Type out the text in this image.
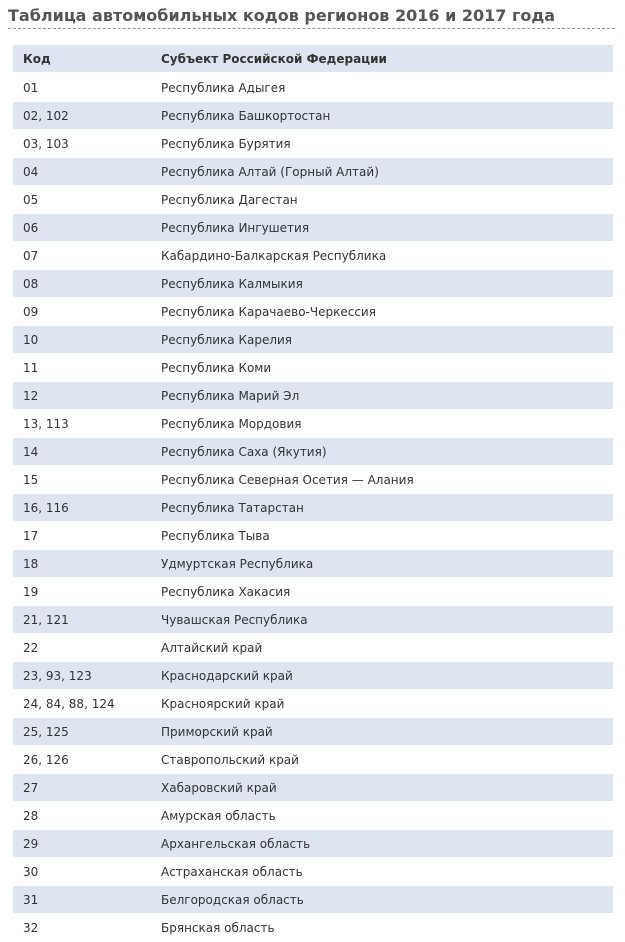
Таблица автомобильных кодов регионов 2016 и 2017 года
Код	Субъект Российской Федерации
01	Республика Адыгея
02, 102	Республика Башкортостан
03, 103	Республика Бурятия
04	Республика Алтай (Горный Алтай)
05	Республика Дагестан
06	Республика Ингушетия
07	Кабардино-Балкарская Республика
08	Республика Калмыкия
09	Республика Карачаево-Черкессия
10	Республика Карелия
11	Республика Коми
12	Республика Марий Эл
13, 113	Республика Мордовия
14	Республика Саха (Якутия)
15	Республика Северная Осетия — Алания
16, 116	Республика Татарстан
17	Республика Тыва
18	Удмуртская Республика
19	Республика Хакасия
21, 121	Чувашская Республика
22	Алтайский край
23, 93, 123	Краснодарский край
24, 84, 88, 124	Красноярский край
25, 125	Приморский край
26, 126	Ставропольский край
27	Хабаровский край
28	Амурская область
29	Архангельская область
30	Астраханская область
31	Белгородская область
32	Брянская область
